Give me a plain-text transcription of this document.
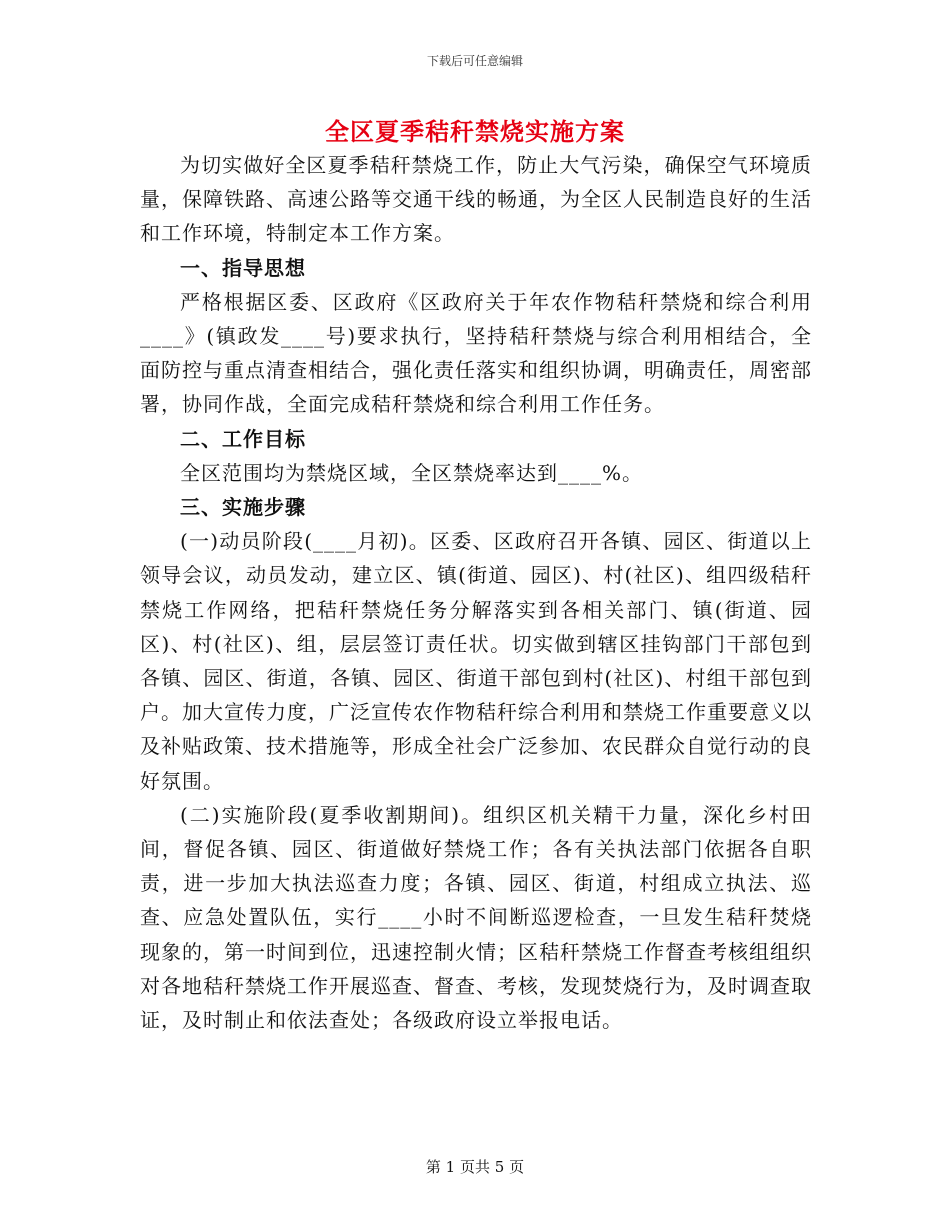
下载后可任意编辑
全区夏季秸秆禁烧实施方案

为切实做好全区夏季秸秆禁烧工作，防止大气污染，确保空气环境质量，保障铁路、高速公路等交通干线的畅通，为全区人民制造良好的生活和工作环境，特制定本工作方案。

一、指导思想

严格根据区委、区政府《区政府关于年农作物秸秆禁烧和综合利用____》(镇政发____号)要求执行，坚持秸秆禁烧与综合利用相结合，全面防控与重点清查相结合，强化责任落实和组织协调，明确责任，周密部署，协同作战，全面完成秸秆禁烧和综合利用工作任务。

二、工作目标

全区范围均为禁烧区域，全区禁烧率达到____%。

三、实施步骤

(一)动员阶段(____月初)。区委、区政府召开各镇、园区、街道以上领导会议，动员发动，建立区、镇(街道、园区)、村(社区)、组四级秸秆禁烧工作网络，把秸秆禁烧任务分解落实到各相关部门、镇(街道、园区)、村(社区)、组，层层签订责任状。切实做到辖区挂钩部门干部包到各镇、园区、街道，各镇、园区、街道干部包到村(社区)、村组干部包到户。加大宣传力度，广泛宣传农作物秸秆综合利用和禁烧工作重要意义以及补贴政策、技术措施等，形成全社会广泛参加、农民群众自觉行动的良好氛围。

(二)实施阶段(夏季收割期间)。组织区机关精干力量，深化乡村田间，督促各镇、园区、街道做好禁烧工作；各有关执法部门依据各自职责，进一步加大执法巡查力度；各镇、园区、街道，村组成立执法、巡查、应急处置队伍，实行____小时不间断巡逻检查，一旦发生秸秆焚烧现象的，第一时间到位，迅速控制火情；区秸秆禁烧工作督查考核组组织对各地秸秆禁烧工作开展巡查、督查、考核，发现焚烧行为，及时调查取证，及时制止和依法查处；各级政府设立举报电话。

第 1 页共 5 页
